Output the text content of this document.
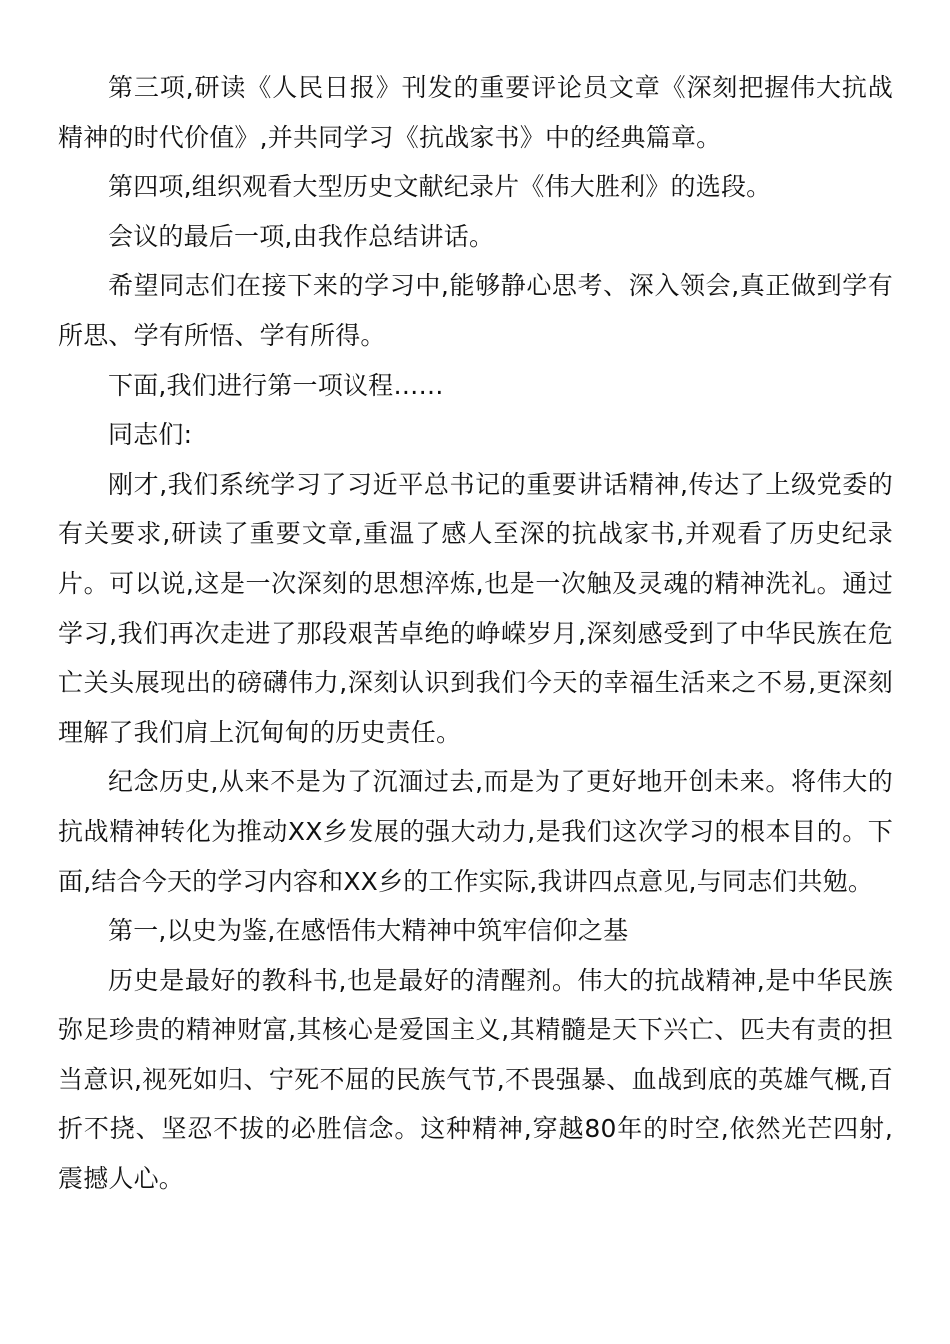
第三项,研读《人民日报》刊发的重要评论员文章《深刻把握伟大抗战精神的时代价值》,并共同学习《抗战家书》中的经典篇章。

第四项,组织观看大型历史文献纪录片《伟大胜利》的选段。

会议的最后一项,由我作总结讲话。

希望同志们在接下来的学习中,能够静心思考、深入领会,真正做到学有所思、学有所悟、学有所得。

下面,我们进行第一项议程……

同志们:

刚才,我们系统学习了习近平总书记的重要讲话精神,传达了上级党委的有关要求,研读了重要文章,重温了感人至深的抗战家书,并观看了历史纪录片。可以说,这是一次深刻的思想淬炼,也是一次触及灵魂的精神洗礼。通过学习,我们再次走进了那段艰苦卓绝的峥嵘岁月,深刻感受到了中华民族在危亡关头展现出的磅礴伟力,深刻认识到我们今天的幸福生活来之不易,更深刻理解了我们肩上沉甸甸的历史责任。

纪念历史,从来不是为了沉湎过去,而是为了更好地开创未来。将伟大的抗战精神转化为推动XX乡发展的强大动力,是我们这次学习的根本目的。下面,结合今天的学习内容和XX乡的工作实际,我讲四点意见,与同志们共勉。

第一,以史为鉴,在感悟伟大精神中筑牢信仰之基

历史是最好的教科书,也是最好的清醒剂。伟大的抗战精神,是中华民族弥足珍贵的精神财富,其核心是爱国主义,其精髓是天下兴亡、匹夫有责的担当意识,视死如归、宁死不屈的民族气节,不畏强暴、血战到底的英雄气概,百折不挠、坚忍不拔的必胜信念。这种精神,穿越80年的时空,依然光芒四射,震撼人心。
